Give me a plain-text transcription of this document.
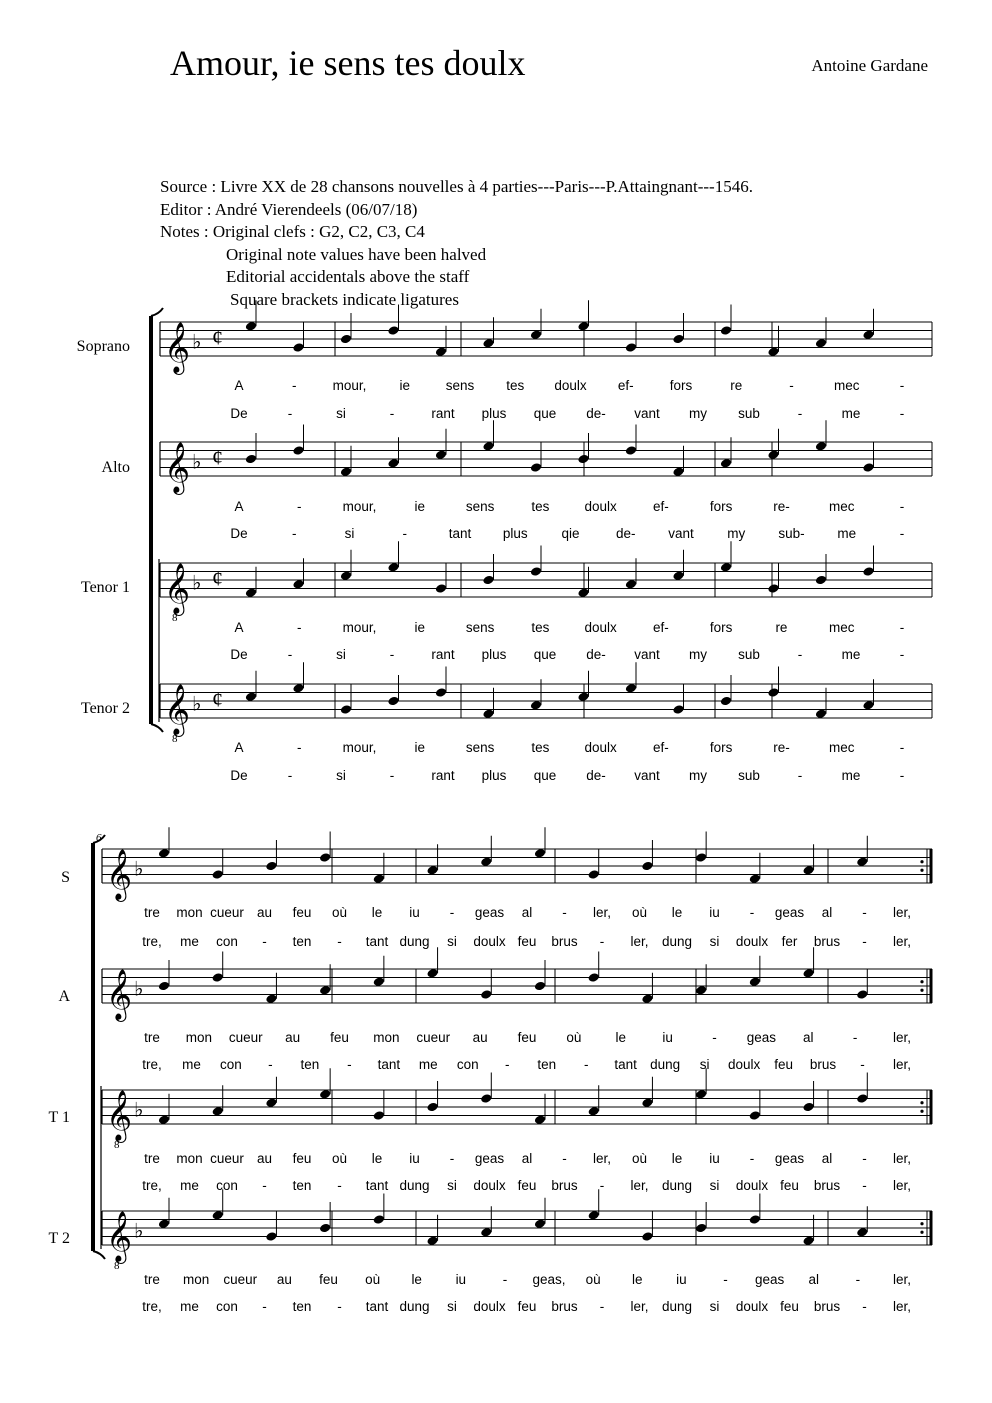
Amour, ie sens tes doulx	Antoine Gardane
Source : Livre XX de 28 chansons nouvelles à 4 parties---Paris---P.Attaingnant---1546.
Editor : André Vierendeels (06/07/18)
Notes : Original clefs : G2, C2, C3, C4
Original note values have been halved
Editorial accidentals above the staff
Square brackets indicate ligatures
Soprano
Alto
Tenor 1
Tenor 2
S
A
T 1
T 2
𝄞 ♭ ¢
A	-	mour, ie	sens tes doulx ef-	fors	re	-	mec	-
De	-	si	-	rant plus que de- vant my sub	-	me	-
𝄞 ♭ ¢
A	-	mour,	ie	sens	tes	doulx	ef-	fors	re-	mec	-
De	-	si	-	tant plus	qie	de- vant my sub- me	-
𝄞
8
♭ ¢
A	-	mour,	ie	sens	tes	doulx	ef-	fors	re	mec	-
De	-	si	-	rant plus que de- vant my sub	-	me	-
𝄞
8
♭ ¢
A	-	mour,	ie	sens	tes	doulx	ef-	fors	re-	mec	-
De	-	si	-	rant plus que de- vant my sub	-	me	-
6
𝄞 ♭
tre mon cueur au feu où le iu - geas al - ler, où le iu - geas al - ler,
tre, me con - ten - tant dung si doulx feu brus - ler, dung si doulx fer brus - ler,
𝄞 ♭
tre mon cueur au feu mon cueur au feu où	le	iu	- geas al	-	ler,
tre, me con - ten - tant me con - ten - tant dung si doulx feu brus - ler,
𝄞
8
♭
tre mon cueur au feu où le iu - geas al - ler, où le iu - geas al - ler,
tre, me con - ten - tant dung si doulx feu brus - ler, dung si doulx feu brus - ler,
𝄞
8
♭
tre mon cueur au feu où le iu	- geas, où le iu	- geas al	- ler,
tre, me con - ten - tant dung si doulx feu brus - ler, dung si doulx feu brus - ler,
